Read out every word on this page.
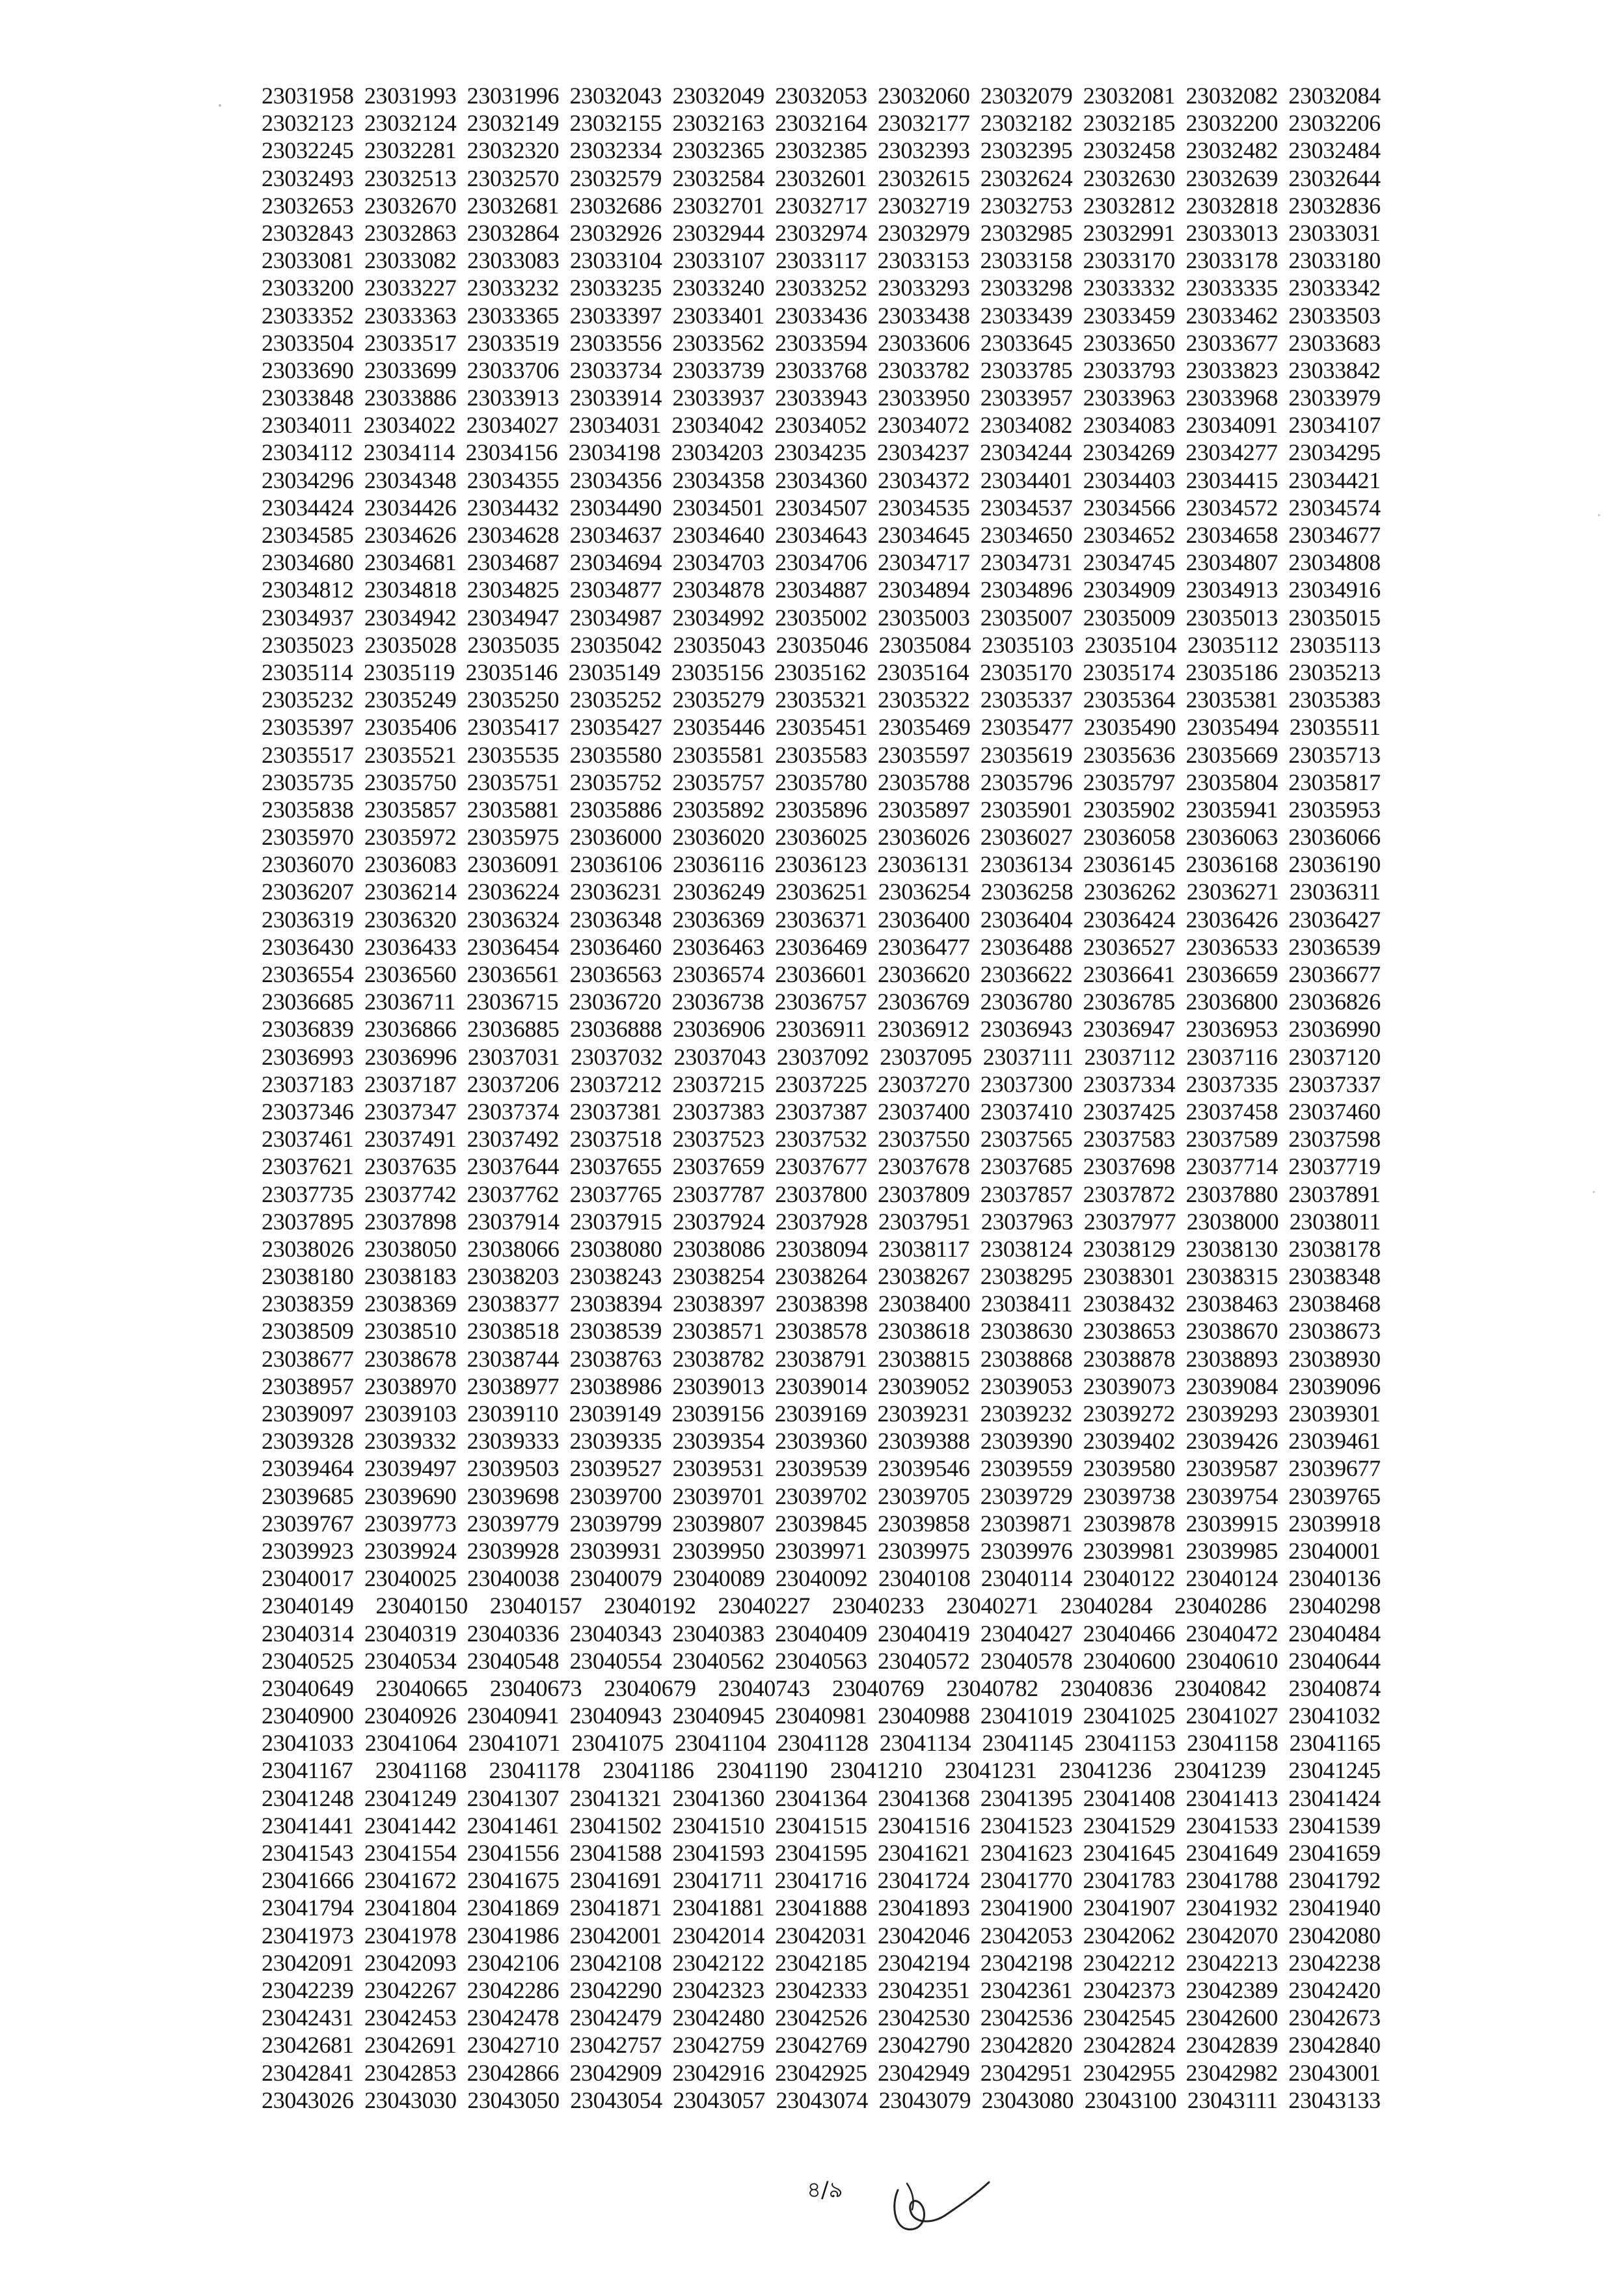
23031958 23031993 23031996 23032043 23032049 23032053 23032060 23032079 23032081 23032082 23032084
23032123 23032124 23032149 23032155 23032163 23032164 23032177 23032182 23032185 23032200 23032206
23032245 23032281 23032320 23032334 23032365 23032385 23032393 23032395 23032458 23032482 23032484
23032493 23032513 23032570 23032579 23032584 23032601 23032615 23032624 23032630 23032639 23032644
23032653 23032670 23032681 23032686 23032701 23032717 23032719 23032753 23032812 23032818 23032836
23032843 23032863 23032864 23032926 23032944 23032974 23032979 23032985 23032991 23033013 23033031
23033081 23033082 23033083 23033104 23033107 23033117 23033153 23033158 23033170 23033178 23033180
23033200 23033227 23033232 23033235 23033240 23033252 23033293 23033298 23033332 23033335 23033342
23033352 23033363 23033365 23033397 23033401 23033436 23033438 23033439 23033459 23033462 23033503
23033504 23033517 23033519 23033556 23033562 23033594 23033606 23033645 23033650 23033677 23033683
23033690 23033699 23033706 23033734 23033739 23033768 23033782 23033785 23033793 23033823 23033842
23033848 23033886 23033913 23033914 23033937 23033943 23033950 23033957 23033963 23033968 23033979
23034011 23034022 23034027 23034031 23034042 23034052 23034072 23034082 23034083 23034091 23034107
23034112 23034114 23034156 23034198 23034203 23034235 23034237 23034244 23034269 23034277 23034295
23034296 23034348 23034355 23034356 23034358 23034360 23034372 23034401 23034403 23034415 23034421
23034424 23034426 23034432 23034490 23034501 23034507 23034535 23034537 23034566 23034572 23034574
23034585 23034626 23034628 23034637 23034640 23034643 23034645 23034650 23034652 23034658 23034677
23034680 23034681 23034687 23034694 23034703 23034706 23034717 23034731 23034745 23034807 23034808
23034812 23034818 23034825 23034877 23034878 23034887 23034894 23034896 23034909 23034913 23034916
23034937 23034942 23034947 23034987 23034992 23035002 23035003 23035007 23035009 23035013 23035015
23035023 23035028 23035035 23035042 23035043 23035046 23035084 23035103 23035104 23035112 23035113
23035114 23035119 23035146 23035149 23035156 23035162 23035164 23035170 23035174 23035186 23035213
23035232 23035249 23035250 23035252 23035279 23035321 23035322 23035337 23035364 23035381 23035383
23035397 23035406 23035417 23035427 23035446 23035451 23035469 23035477 23035490 23035494 23035511
23035517 23035521 23035535 23035580 23035581 23035583 23035597 23035619 23035636 23035669 23035713
23035735 23035750 23035751 23035752 23035757 23035780 23035788 23035796 23035797 23035804 23035817
23035838 23035857 23035881 23035886 23035892 23035896 23035897 23035901 23035902 23035941 23035953
23035970 23035972 23035975 23036000 23036020 23036025 23036026 23036027 23036058 23036063 23036066
23036070 23036083 23036091 23036106 23036116 23036123 23036131 23036134 23036145 23036168 23036190
23036207 23036214 23036224 23036231 23036249 23036251 23036254 23036258 23036262 23036271 23036311
23036319 23036320 23036324 23036348 23036369 23036371 23036400 23036404 23036424 23036426 23036427
23036430 23036433 23036454 23036460 23036463 23036469 23036477 23036488 23036527 23036533 23036539
23036554 23036560 23036561 23036563 23036574 23036601 23036620 23036622 23036641 23036659 23036677
23036685 23036711 23036715 23036720 23036738 23036757 23036769 23036780 23036785 23036800 23036826
23036839 23036866 23036885 23036888 23036906 23036911 23036912 23036943 23036947 23036953 23036990
23036993 23036996 23037031 23037032 23037043 23037092 23037095 23037111 23037112 23037116 23037120
23037183 23037187 23037206 23037212 23037215 23037225 23037270 23037300 23037334 23037335 23037337
23037346 23037347 23037374 23037381 23037383 23037387 23037400 23037410 23037425 23037458 23037460
23037461 23037491 23037492 23037518 23037523 23037532 23037550 23037565 23037583 23037589 23037598
23037621 23037635 23037644 23037655 23037659 23037677 23037678 23037685 23037698 23037714 23037719
23037735 23037742 23037762 23037765 23037787 23037800 23037809 23037857 23037872 23037880 23037891
23037895 23037898 23037914 23037915 23037924 23037928 23037951 23037963 23037977 23038000 23038011
23038026 23038050 23038066 23038080 23038086 23038094 23038117 23038124 23038129 23038130 23038178
23038180 23038183 23038203 23038243 23038254 23038264 23038267 23038295 23038301 23038315 23038348
23038359 23038369 23038377 23038394 23038397 23038398 23038400 23038411 23038432 23038463 23038468
23038509 23038510 23038518 23038539 23038571 23038578 23038618 23038630 23038653 23038670 23038673
23038677 23038678 23038744 23038763 23038782 23038791 23038815 23038868 23038878 23038893 23038930
23038957 23038970 23038977 23038986 23039013 23039014 23039052 23039053 23039073 23039084 23039096
23039097 23039103 23039110 23039149 23039156 23039169 23039231 23039232 23039272 23039293 23039301
23039328 23039332 23039333 23039335 23039354 23039360 23039388 23039390 23039402 23039426 23039461
23039464 23039497 23039503 23039527 23039531 23039539 23039546 23039559 23039580 23039587 23039677
23039685 23039690 23039698 23039700 23039701 23039702 23039705 23039729 23039738 23039754 23039765
23039767 23039773 23039779 23039799 23039807 23039845 23039858 23039871 23039878 23039915 23039918
23039923 23039924 23039928 23039931 23039950 23039971 23039975 23039976 23039981 23039985 23040001
23040017 23040025 23040038 23040079 23040089 23040092 23040108 23040114 23040122 23040124 23040136
23040149 23040150 23040157 23040192 23040227 23040233 23040271 23040284 23040286 23040298
23040314 23040319 23040336 23040343 23040383 23040409 23040419 23040427 23040466 23040472 23040484
23040525 23040534 23040548 23040554 23040562 23040563 23040572 23040578 23040600 23040610 23040644
23040649 23040665 23040673 23040679 23040743 23040769 23040782 23040836 23040842 23040874
23040900 23040926 23040941 23040943 23040945 23040981 23040988 23041019 23041025 23041027 23041032
23041033 23041064 23041071 23041075 23041104 23041128 23041134 23041145 23041153 23041158 23041165
23041167 23041168 23041178 23041186 23041190 23041210 23041231 23041236 23041239 23041245
23041248 23041249 23041307 23041321 23041360 23041364 23041368 23041395 23041408 23041413 23041424
23041441 23041442 23041461 23041502 23041510 23041515 23041516 23041523 23041529 23041533 23041539
23041543 23041554 23041556 23041588 23041593 23041595 23041621 23041623 23041645 23041649 23041659
23041666 23041672 23041675 23041691 23041711 23041716 23041724 23041770 23041783 23041788 23041792
23041794 23041804 23041869 23041871 23041881 23041888 23041893 23041900 23041907 23041932 23041940
23041973 23041978 23041986 23042001 23042014 23042031 23042046 23042053 23042062 23042070 23042080
23042091 23042093 23042106 23042108 23042122 23042185 23042194 23042198 23042212 23042213 23042238
23042239 23042267 23042286 23042290 23042323 23042333 23042351 23042361 23042373 23042389 23042420
23042431 23042453 23042478 23042479 23042480 23042526 23042530 23042536 23042545 23042600 23042673
23042681 23042691 23042710 23042757 23042759 23042769 23042790 23042820 23042824 23042839 23042840
23042841 23042853 23042866 23042909 23042916 23042925 23042949 23042951 23042955 23042982 23043001
23043026 23043030 23043050 23043054 23043057 23043074 23043079 23043080 23043100 23043111 23043133
৪/৯
